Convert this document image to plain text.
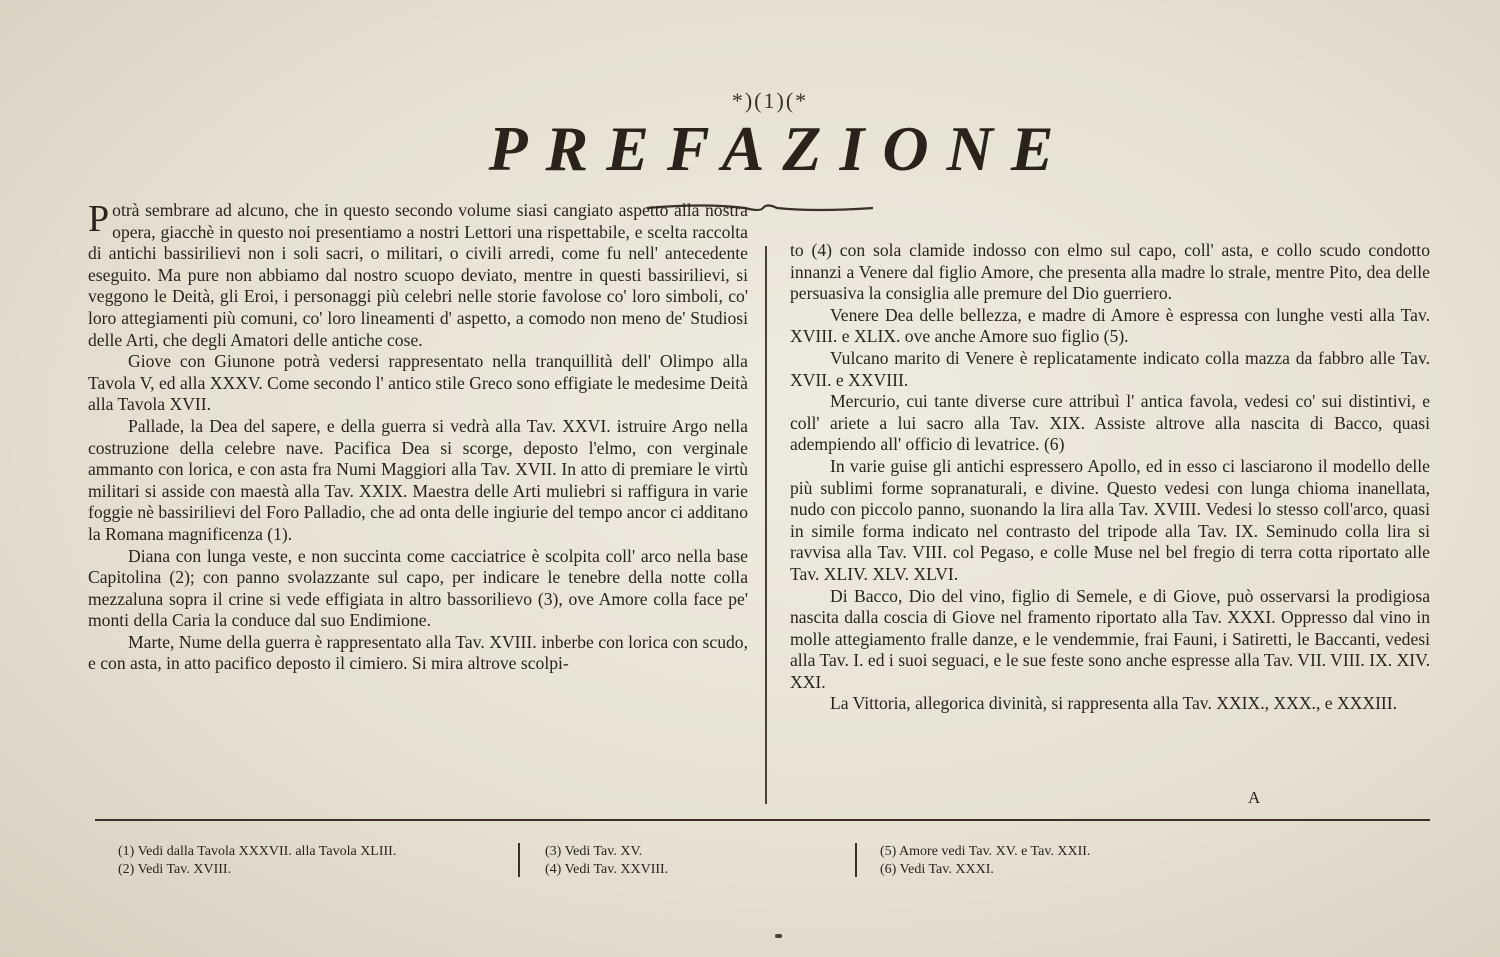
*)(1)(*
PREFAZIONE

Potrà sembrare ad alcuno, che in questo secondo volume siasi cangiato aspetto alla nostra opera, giacchè in questo noi presentiamo a nostri Lettori una rispettabile, e scelta raccolta di antichi bassirilievi non i soli sacri, o militari, o civili arredi, come fu nell' antecedente eseguito. Ma pure non abbiamo dal nostro scuopo deviato, mentre in questi bassirilievi, si veggono le Deità, gli Eroi, i personaggi più celebri nelle storie favolose co' loro simboli, co' loro attegiamenti più comuni, co' loro lineamenti d' aspetto, a comodo non meno de' Studiosi delle Arti, che degli Amatori delle antiche cose.

Giove con Giunone potrà vedersi rappresentato nella tranquillità dell' Olimpo alla Tavola V, ed alla XXXV. Come secondo l' antico stile Greco sono effigiate le medesime Deità alla Tavola XVII.

Pallade, la Dea del sapere, e della guerra si vedrà alla Tav. XXVI. istruire Argo nella costruzione della celebre nave. Pacifica Dea si scorge, deposto l'elmo, con verginale ammanto con lorica, e con asta fra Numi Maggiori alla Tav. XVII. In atto di premiare le virtù militari si asside con maestà alla Tav. XXIX. Maestra delle Arti muliebri si raffigura in varie foggie nè bassirilievi del Foro Palladio, che ad onta delle ingiurie del tempo ancor ci additano la Romana magnificenza (1).

Diana con lunga veste, e non succinta come cacciatrice è scolpita coll' arco nella base Capitolina (2); con panno svolazzante sul capo, per indicare le tenebre della notte colla mezzaluna sopra il crine si vede effigiata in altro bassorilievo (3), ove Amore colla face pe' monti della Caria la conduce dal suo Endimione.

Marte, Nume della guerra è rappresentato alla Tav. XVIII. inberbe con lorica con scudo, e con asta, in atto pacifico deposto il cimiero. Si mira altrove scolpi-

to (4) con sola clamide indosso con elmo sul capo, coll' asta, e collo scudo condotto innanzi a Venere dal figlio Amore, che presenta alla madre lo strale, mentre Pito, dea delle persuasiva la consiglia alle premure del Dio guerriero.

Venere Dea delle bellezza, e madre di Amore è espressa con lunghe vesti alla Tav. XVIII. e XLIX. ove anche Amore suo figlio (5).

Vulcano marito di Venere è replicatamente indicato colla mazza da fabbro alle Tav. XVII. e XXVIII.

Mercurio, cui tante diverse cure attribuì l' antica favola, vedesi co' sui distintivi, e coll' ariete a lui sacro alla Tav. XIX. Assiste altrove alla nascita di Bacco, quasi adempiendo all' officio di levatrice. (6)

In varie guise gli antichi espressero Apollo, ed in esso ci lasciarono il modello delle più sublimi forme sopranaturali, e divine. Questo vedesi con lunga chioma inanellata, nudo con piccolo panno, suonando la lira alla Tav. XVIII. Vedesi lo stesso coll'arco, quasi in simile forma indicato nel contrasto del tripode alla Tav. IX. Seminudo colla lira si ravvisa alla Tav. VIII. col Pegaso, e colle Muse nel bel fregio di terra cotta riportato alle Tav. XLIV. XLV. XLVI.

Di Bacco, Dio del vino, figlio di Semele, e di Giove, può osservarsi la prodigiosa nascita dalla coscia di Giove nel framento riportato alla Tav. XXXI. Oppresso dal vino in molle attegiamento fralle danze, e le vendemmie, frai Fauni, i Satiretti, le Baccanti, vedesi alla Tav. I. ed i suoi seguaci, e le sue feste sono anche espresse alla Tav. VII. VIII. IX. XIV. XXI.

La Vittoria, allegorica divinità, si rappresenta alla Tav. XXIX., XXX., e XXXIII.

A
(1) Vedi dalla Tavola XXXVII. alla Tavola XLIII.
(2) Vedi Tav. XVIII.
(3) Vedi Tav. XV.
(4) Vedi Tav. XXVIII.
(5) Amore vedi Tav. XV. e Tav. XXII.
(6) Vedi Tav. XXXI.
